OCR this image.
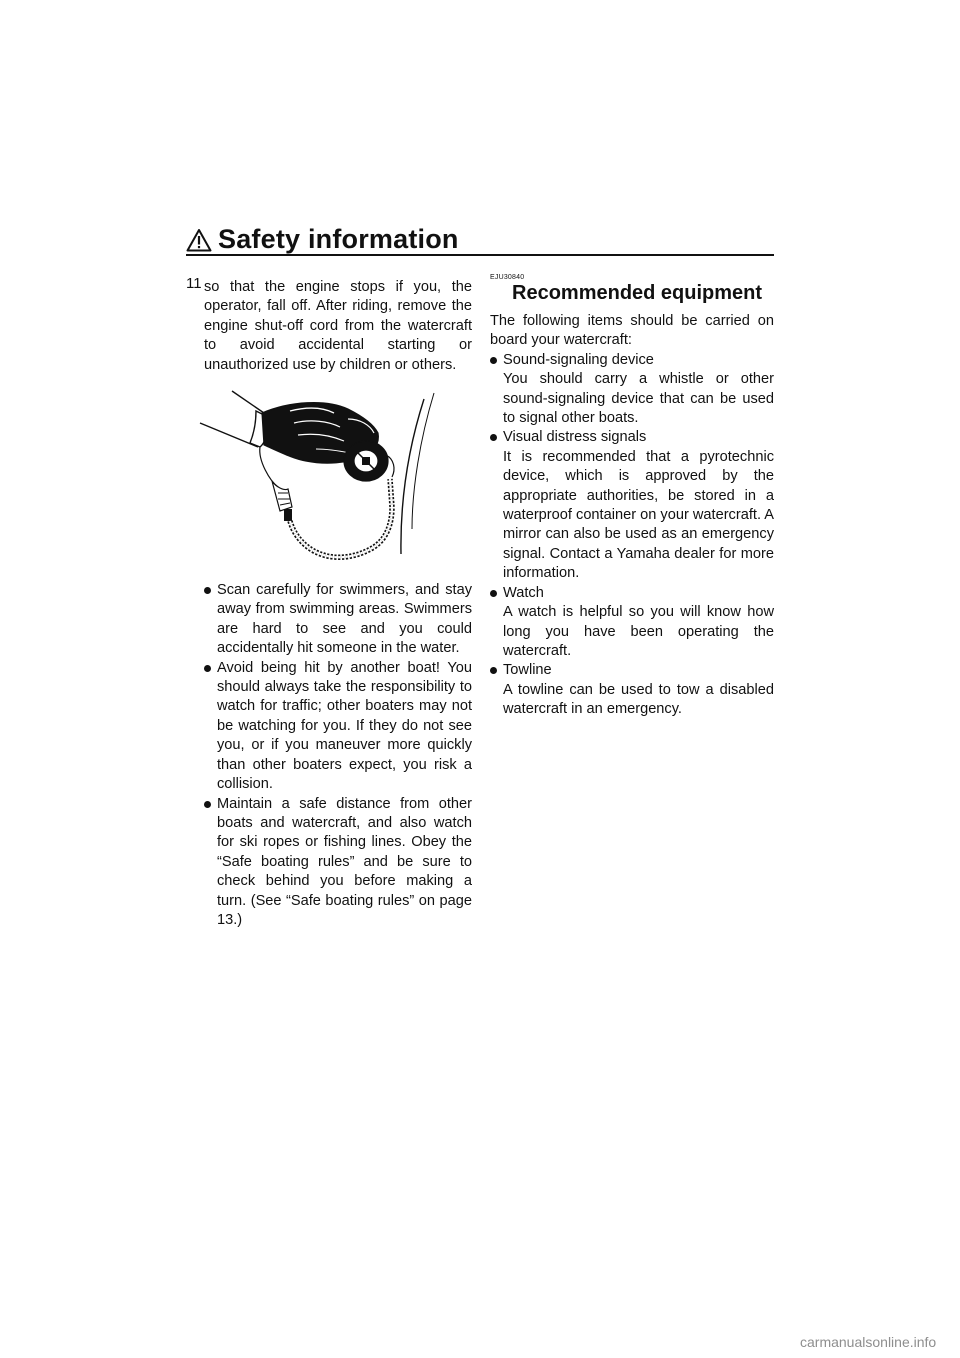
Safety information
11 so that the engine stops if you, the operator, fall off. After riding, remove the engine shut-off cord from the watercraft to avoid accidental starting or unauthorized use by children or others.

Scan carefully for swimmers, and stay away from swimming areas. Swimmers are hard to see and you could accidentally hit someone in the water.
Avoid being hit by another boat! You should always take the responsibility to watch for traffic; other boaters may not be watching for you. If they do not see you, or if you maneuver more quickly than other boaters expect, you risk a collision.
Maintain a safe distance from other boats and watercraft, and also watch for ski ropes or fishing lines. Obey the “Safe boating rules” and be sure to check behind you before making a turn. (See “Safe boating rules” on page 13.)

EJU30840

Recommended equipment

The following items should be carried on board your watercraft:

Sound-signaling device
You should carry a whistle or other sound-signaling device that can be used to signal other boats.
Visual distress signals
It is recommended that a pyrotechnic device, which is approved by the appropriate authorities, be stored in a waterproof container on your watercraft. A mirror can also be used as an emergency signal. Contact a Yamaha dealer for more information.
Watch
A watch is helpful so you will know how long you have been operating the watercraft.
Towline
A towline can be used to tow a disabled watercraft in an emergency.
carmanualsonline.info
